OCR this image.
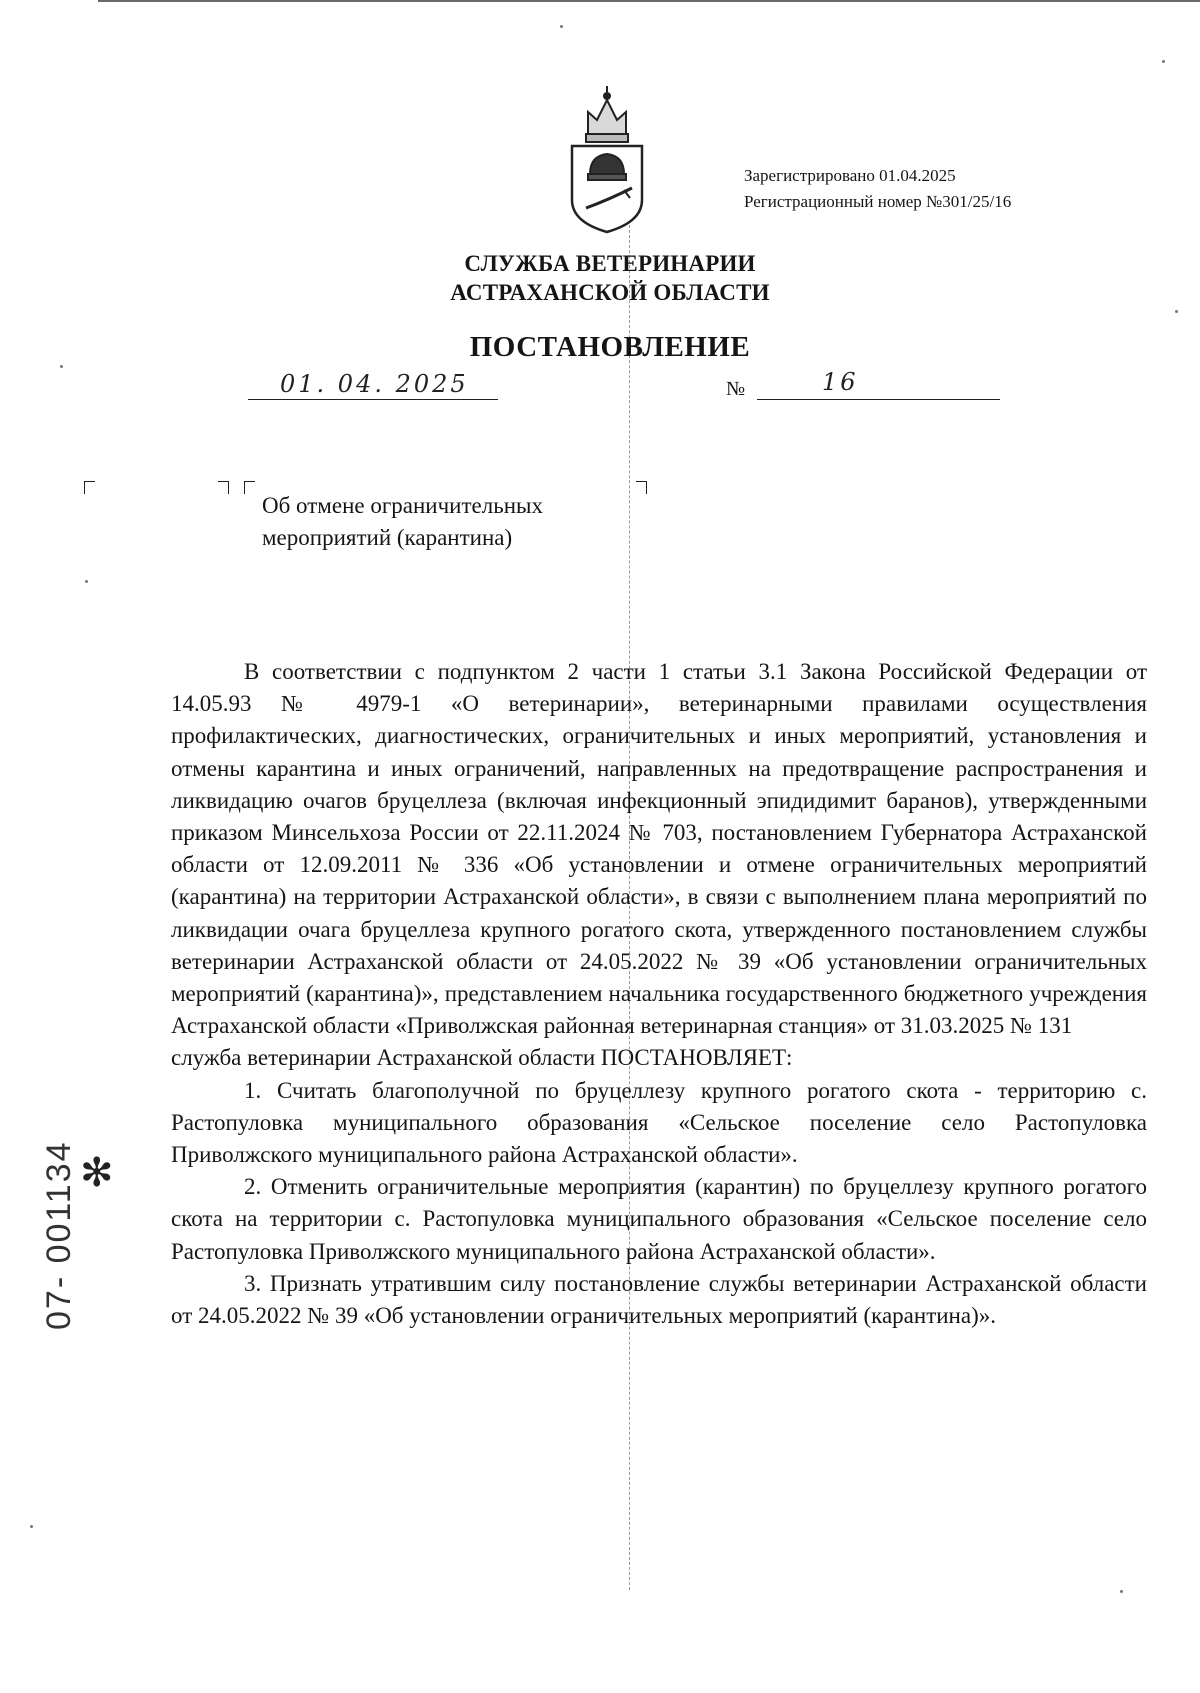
Зарегистрировано 01.04.2025
Регистрационный номер №301/25/16
СЛУЖБА ВЕТЕРИНАРИИ
АСТРАХАНСКОЙ ОБЛАСТИ
ПОСТАНОВЛЕНИЕ
01. 04. 2025	№	16
Об отмене ограничительных
мероприятий (карантина)

В соответствии с подпунктом 2 части 1 статьи 3.1 Закона Российской Федерации от 14.05.93 № 4979-1 «О ветеринарии», ветеринарными правилами осуществления профилактических, диагностических, ограничительных и иных мероприятий, установления и отмены карантина и иных ограничений, направленных на предотвращение распространения и ликвидацию очагов бруцеллеза (включая инфекционный эпидидимит баранов), утвержденными приказом Минсельхоза России от 22.11.2024 № 703, постановлением Губернатора Астраханской области от 12.09.2011 № 336 «Об установлении и отмене ограничительных мероприятий (карантина) на территории Астраханской области», в связи с выполнением плана мероприятий по ликвидации очага бруцеллеза крупного рогатого скота, утвержденного постановлением службы ветеринарии Астраханской области от 24.05.2022 № 39 «Об установлении ограничительных мероприятий (карантина)», представлением начальника государственного бюджетного учреждения Астраханской области «Приволжская районная ветеринарная станция» от 31.03.2025 № 131

служба ветеринарии Астраханской области ПОСТАНОВЛЯЕТ:

1. Считать благополучной по бруцеллезу крупного рогатого скота - территорию с. Растопуловка муниципального образования «Сельское поселение село Растопуловка Приволжского муниципального района Астраханской области».

2. Отменить ограничительные мероприятия (карантин) по бруцеллезу крупного рогатого скота на территории с. Растопуловка муниципального образования «Сельское поселение село Растопуловка Приволжского муниципального района Астраханской области».

3. Признать утратившим силу постановление службы ветеринарии Астраханской области от 24.05.2022 № 39 «Об установлении ограничительных мероприятий (карантина)».

✻
07- 001134
